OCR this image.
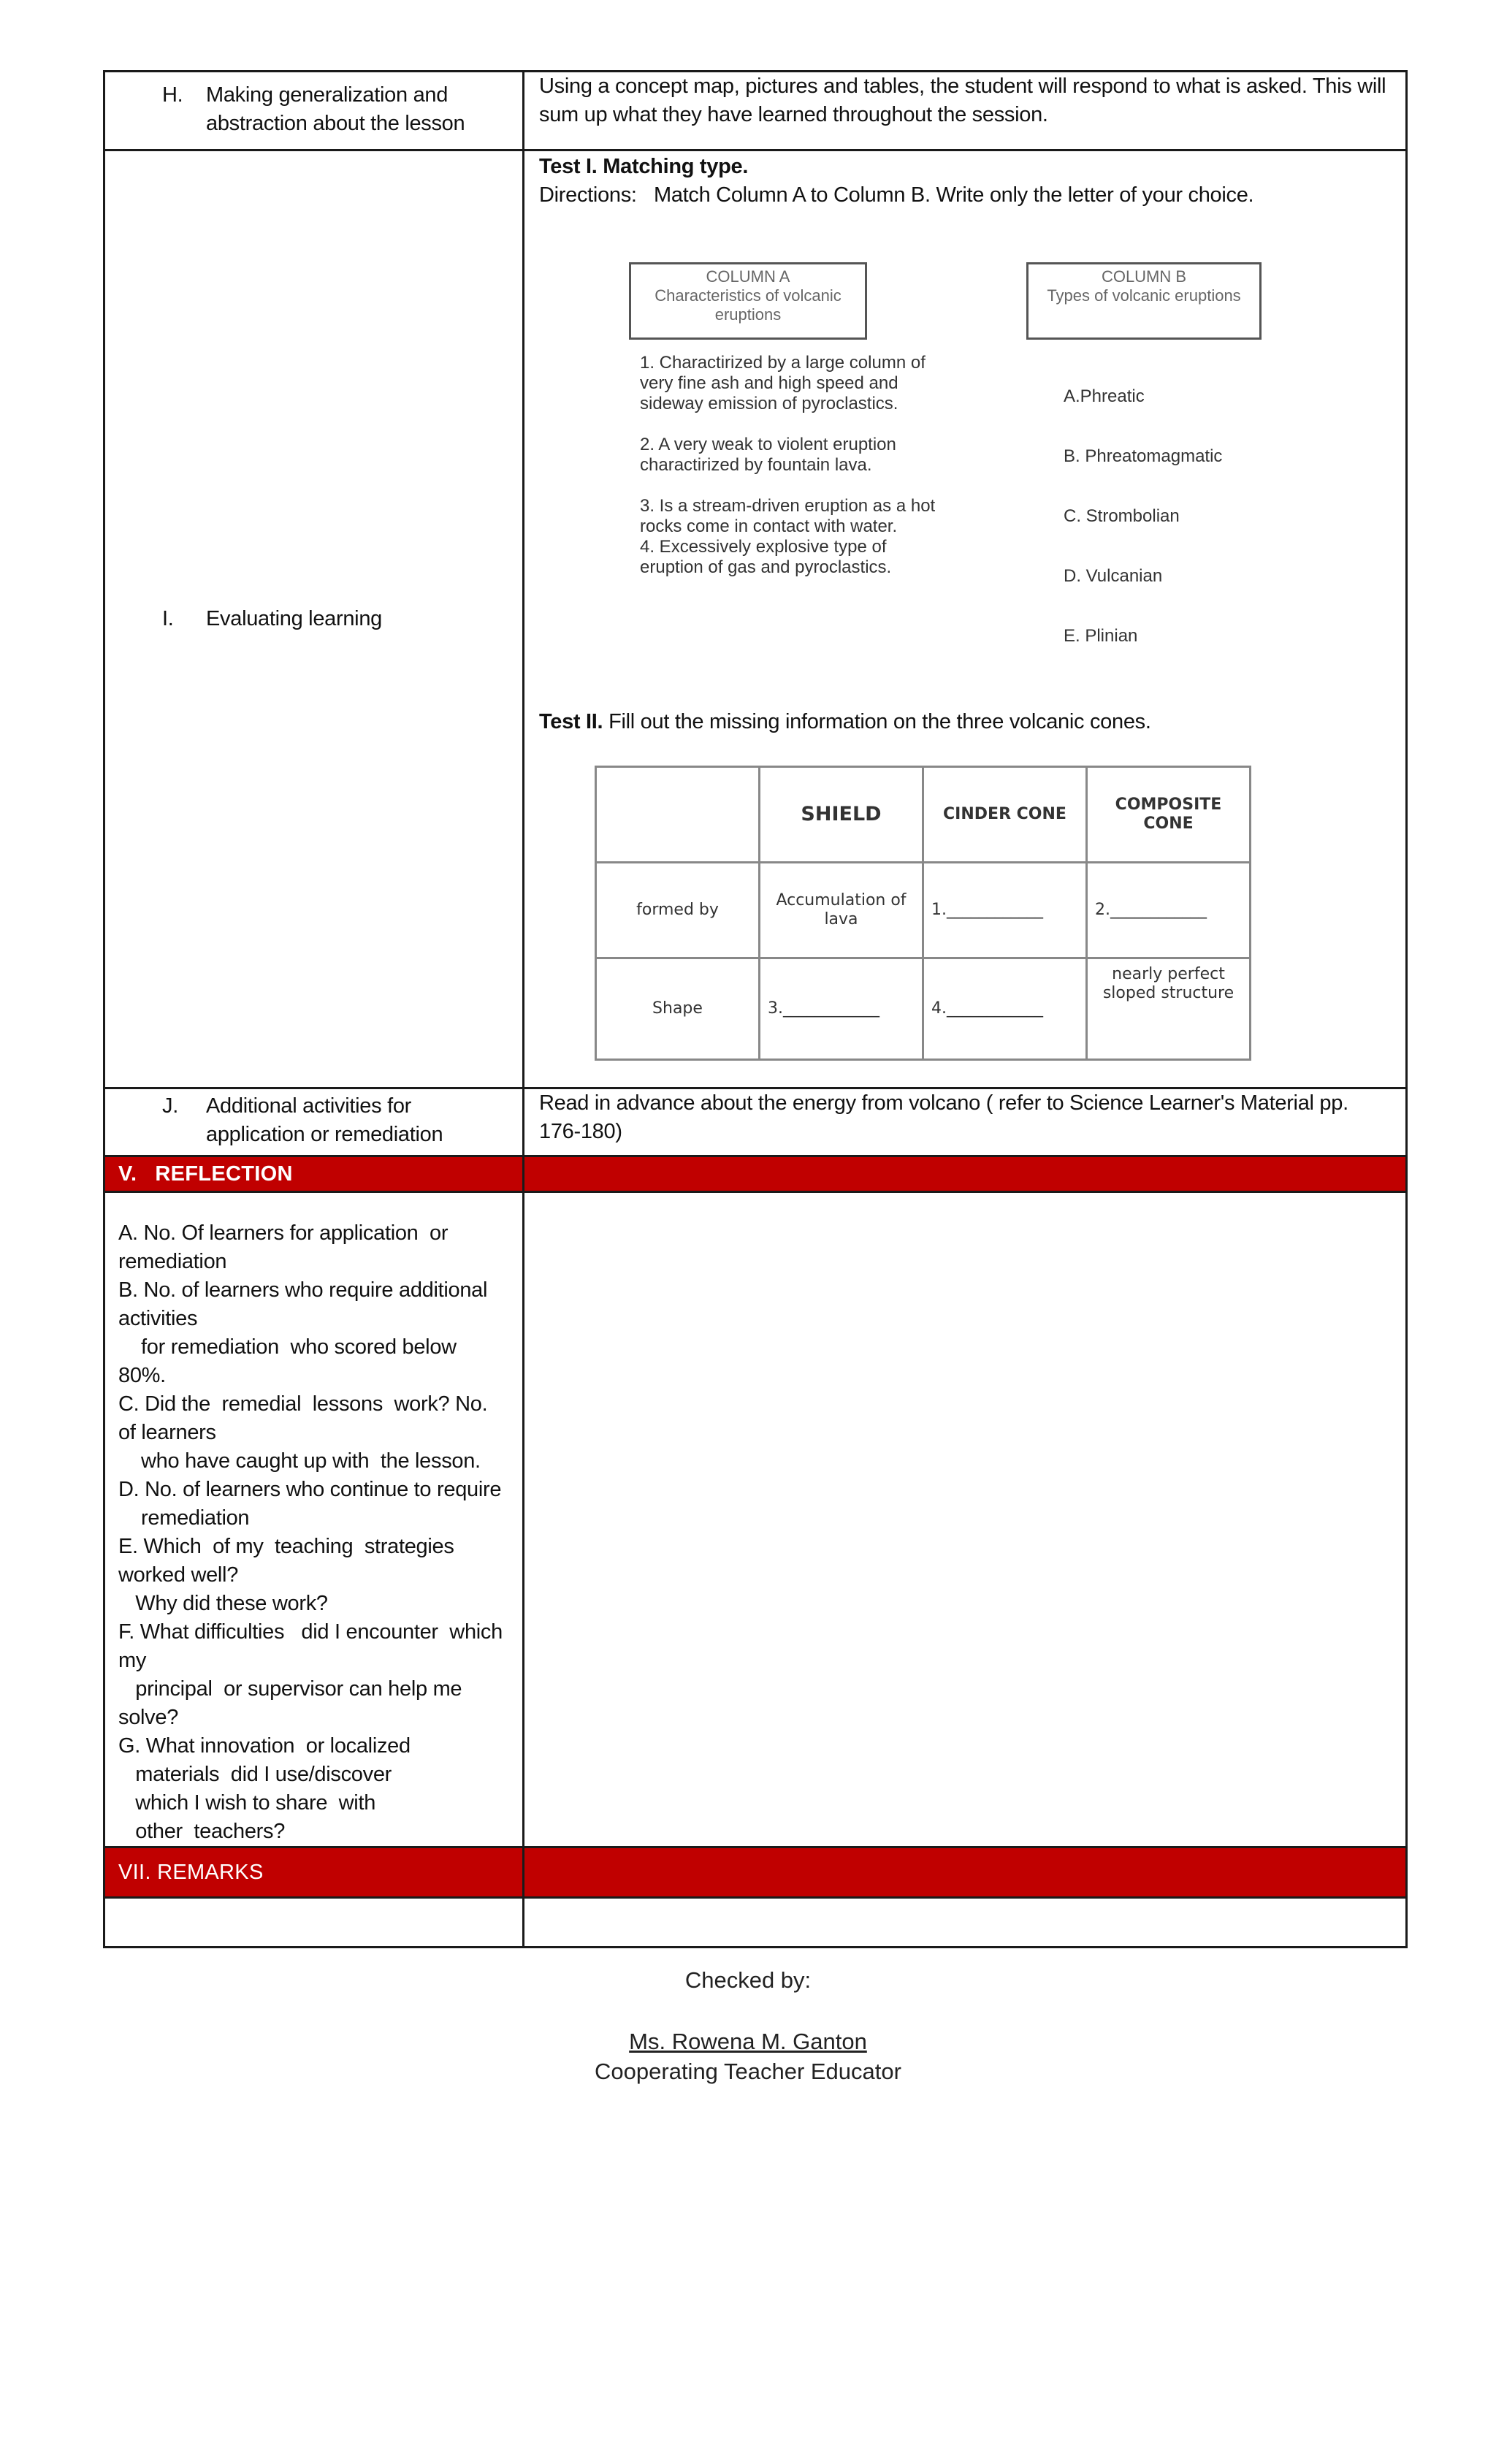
H.	Making generalization and abstraction about the lesson

Using a concept map, pictures and tables, the student will respond to what is asked. This will sum up what they have learned throughout the session.

I.	Evaluating learning

Test I. Matching type.
Directions:   Match Column A to Column B. Write only the letter of your choice.
COLUMN A
Characteristics of volcanic
eruptions
COLUMN B
Types of volcanic eruptions
1. Charactirized by a large column of very fine ash and high speed and sideway emission of pyroclastics.
2. A very weak to violent eruption charactirized by fountain lava.
3. Is a stream-driven eruption as a hot rocks come in contact with water.
4. Excessively explosive type of eruption of gas and pyroclastics.
A.Phreatic
B. Phreatomagmatic
C. Strombolian
D. Vulcanian
E. Plinian
Test II. Fill out the missing information on the three volcanic cones.
	SHIELD	CINDER CONE	COMPOSITE CONE
formed by	Accumulation of lava	1.____________	2.____________
Shape	3.____________	4.____________	nearly perfect sloped structure

J.	Additional activities for application or remediation

Read in advance about the energy from volcano ( refer to Science Learner's Material pp. 176-180)

V.   REFLECTION

A. No. Of learners for application  or remediation
B. No. of learners who require additional activities
for remediation  who scored below 80%.
C. Did the  remedial  lessons  work? No. of learners
who have caught up with  the lesson.
D. No. of learners who continue to require
remediation
E. Which  of my  teaching  strategies  worked well?
Why did these work?
F. What difficulties   did I encounter  which my
principal  or supervisor can help me solve?
G. What innovation  or localized
materials  did I use/discover
which I wish to share  with
other  teachers?

VII. REMARKS

Checked by:
Ms. Rowena M. Ganton
Cooperating Teacher Educator
